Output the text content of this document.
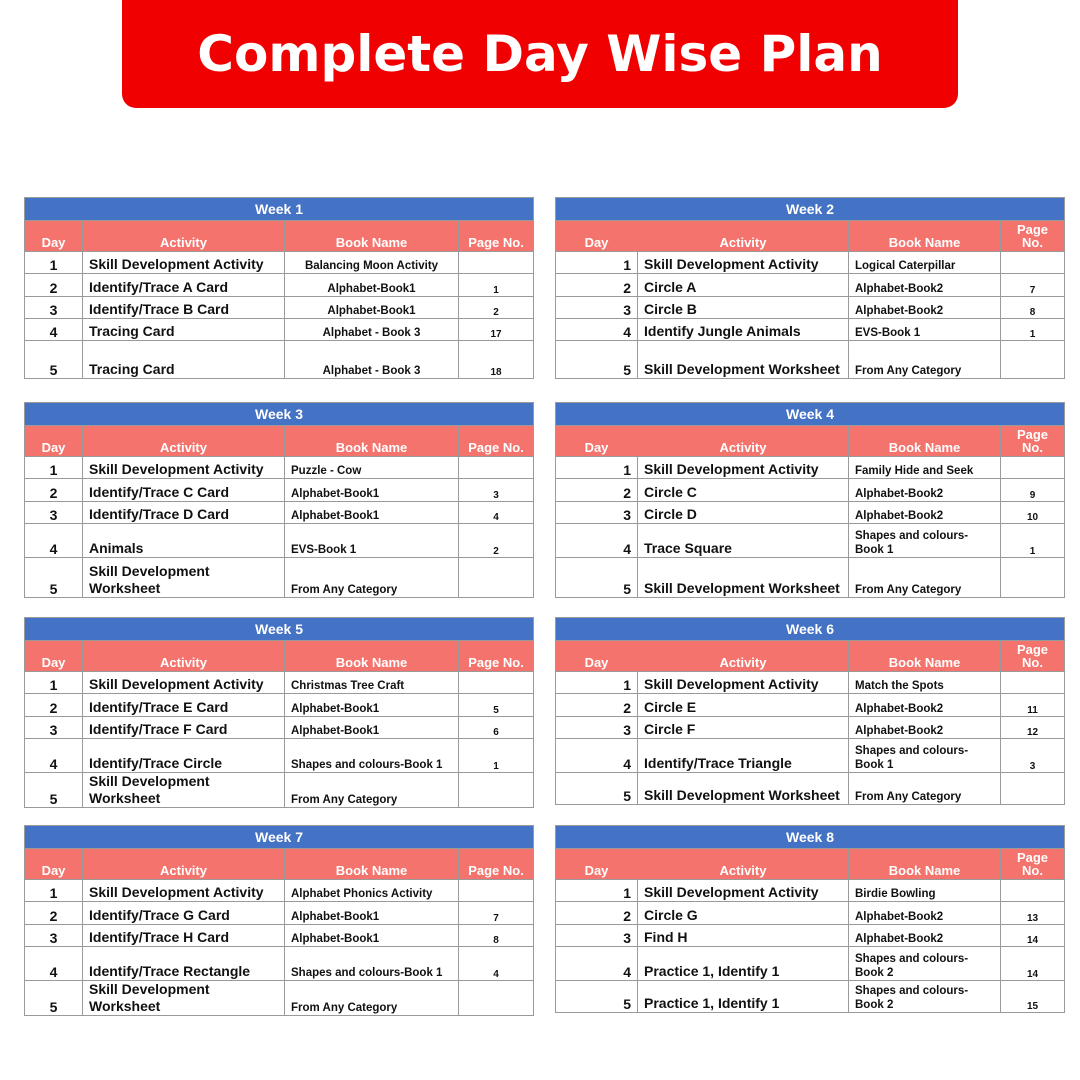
Complete Day Wise Plan
Week 1			
Day	Activity	Book Name	Page No.
1	Skill Development Activity	Balancing Moon Activity	
2	Identify/Trace A Card	Alphabet-Book1	1
3	Identify/Trace B Card	Alphabet-Book1	2
4	Tracing Card	Alphabet - Book 3	17
5	Tracing Card	Alphabet - Book 3	18
Week 2			
Day	Activity	Book Name	Page No.
1	Skill Development Activity	Logical Caterpillar	
2	Circle A	Alphabet-Book2	7
3	Circle B	Alphabet-Book2	8
4	Identify Jungle Animals	EVS-Book 1	1
5	Skill Development Worksheet	From Any Category	
Week 3			
Day	Activity	Book Name	Page No.
1	Skill Development Activity	Puzzle - Cow	
2	Identify/Trace C Card	Alphabet-Book1	3
3	Identify/Trace D Card	Alphabet-Book1	4
4	Animals	EVS-Book 1	2
5	Skill Development Worksheet	From Any Category	
Week 4			
Day	Activity	Book Name	Page No.
1	Skill Development Activity	Family Hide and Seek	
2	Circle C	Alphabet-Book2	9
3	Circle D	Alphabet-Book2	10
4	Trace Square	Shapes and colours-Book 1	1
5	Skill Development Worksheet	From Any Category	
Week 5			
Day	Activity	Book Name	Page No.
1	Skill Development Activity	Christmas Tree Craft	
2	Identify/Trace E Card	Alphabet-Book1	5
3	Identify/Trace F Card	Alphabet-Book1	6
4	Identify/Trace Circle	Shapes and colours-Book 1	1
5	Skill Development Worksheet	From Any Category	
Week 6			
Day	Activity	Book Name	Page No.
1	Skill Development Activity	Match the Spots	
2	Circle E	Alphabet-Book2	11
3	Circle F	Alphabet-Book2	12
4	Identify/Trace Triangle	Shapes and colours-Book 1	3
5	Skill Development Worksheet	From Any Category	
Week 7			
Day	Activity	Book Name	Page No.
1	Skill Development Activity	Alphabet Phonics Activity	
2	Identify/Trace G Card	Alphabet-Book1	7
3	Identify/Trace H Card	Alphabet-Book1	8
4	Identify/Trace Rectangle	Shapes and colours-Book 1	4
5	Skill Development Worksheet	From Any Category	
Week 8			
Day	Activity	Book Name	Page No.
1	Skill Development Activity	Birdie Bowling	
2	Circle G	Alphabet-Book2	13
3	Find H	Alphabet-Book2	14
4	Practice 1, Identify 1	Shapes and colours-Book 2	14
5	Practice 1, Identify 1	Shapes and colours-Book 2	15
